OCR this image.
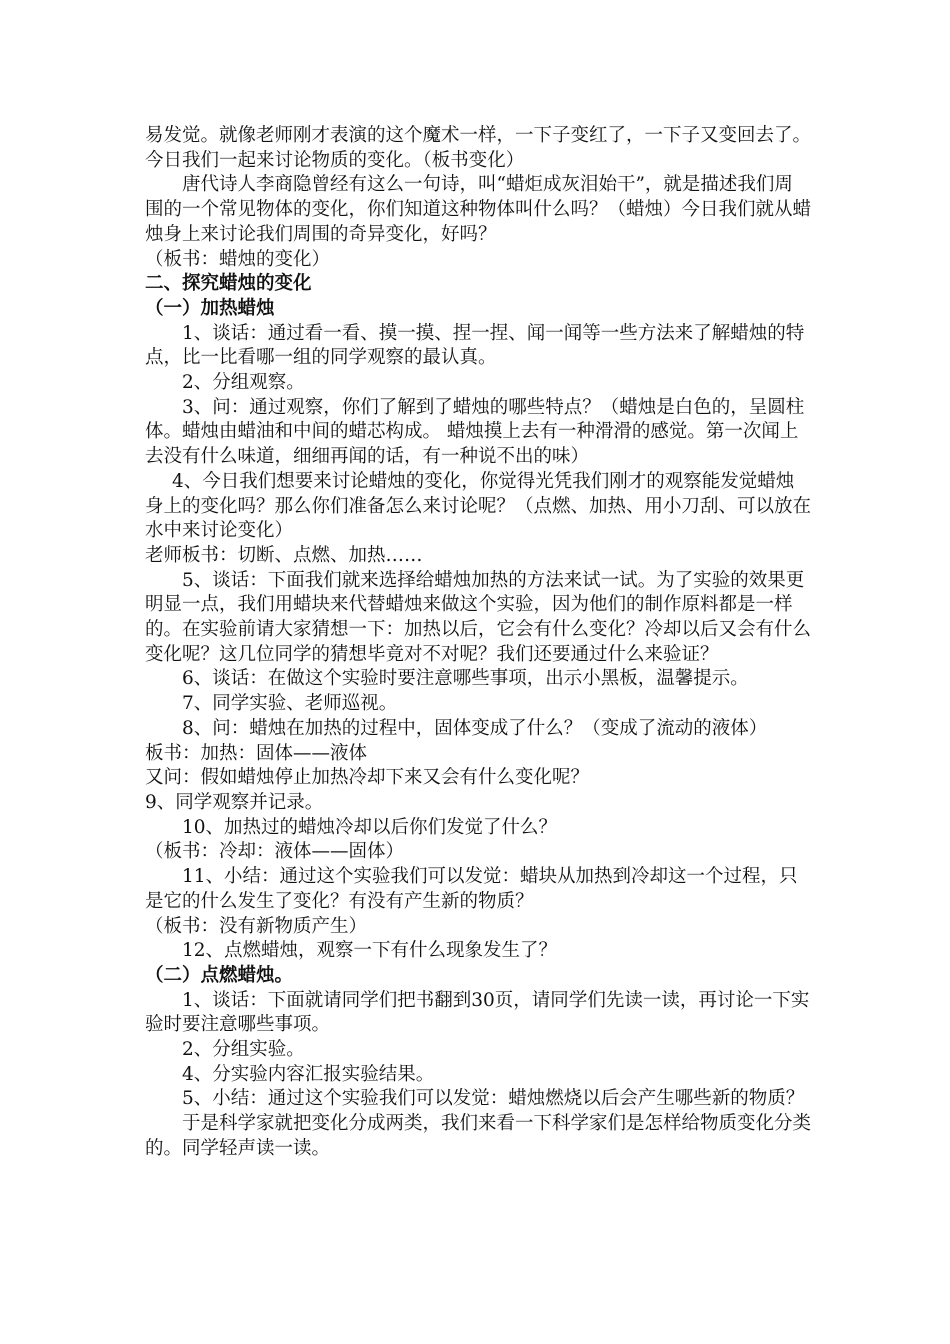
易发觉。就像老师刚才表演的这个魔术一样，一下子变红了，一下子又变回去了。今日我们一起来讨论物质的变化。（板书变化）

唐代诗人李商隐曾经有这么一句诗，叫“蜡炬成灰泪始干”，就是描述我们周围的一个常见物体的变化，你们知道这种物体叫什么吗？（蜡烛）今日我们就从蜡烛身上来讨论我们周围的奇异变化，好吗？

（板书：蜡烛的变化）

二、探究蜡烛的变化

（一）加热蜡烛

1、谈话：通过看一看、摸一摸、捏一捏、闻一闻等一些方法来了解蜡烛的特点，比一比看哪一组的同学观察的最认真。

2、分组观察。

3、问：通过观察，你们了解到了蜡烛的哪些特点？（蜡烛是白色的，呈圆柱体。蜡烛由蜡油和中间的蜡芯构成。 蜡烛摸上去有一种滑滑的感觉。第一次闻上去没有什么味道，细细再闻的话，有一种说不出的味）

4、今日我们想要来讨论蜡烛的变化，你觉得光凭我们刚才的观察能发觉蜡烛身上的变化吗？那么你们准备怎么来讨论呢？（点燃、加热、用小刀刮、可以放在水中来讨论变化）

老师板书：切断、点燃、加热……

5、谈话：下面我们就来选择给蜡烛加热的方法来试一试。为了实验的效果更明显一点，我们用蜡块来代替蜡烛来做这个实验，因为他们的制作原料都是一样的。在实验前请大家猜想一下：加热以后，它会有什么变化？冷却以后又会有什么变化呢？这几位同学的猜想毕竟对不对呢？我们还要通过什么来验证？

6、谈话：在做这个实验时要注意哪些事项，出示小黑板，温馨提示。

7、同学实验、老师巡视。

8、问：蜡烛在加热的过程中，固体变成了什么？（变成了流动的液体）

板书：加热：固体——液体

又问：假如蜡烛停止加热冷却下来又会有什么变化呢？

9、同学观察并记录。

10、加热过的蜡烛冷却以后你们发觉了什么？

（板书：冷却：液体——固体）

11、小结：通过这个实验我们可以发觉：蜡块从加热到冷却这一个过程，只是它的什么发生了变化？有没有产生新的物质？

（板书：没有新物质产生）

12、点燃蜡烛，观察一下有什么现象发生了？

（二）点燃蜡烛。

1、谈话：下面就请同学们把书翻到30页，请同学们先读一读，再讨论一下实验时要注意哪些事项。

2、分组实验。

4、分实验内容汇报实验结果。

5、小结：通过这个实验我们可以发觉：蜡烛燃烧以后会产生哪些新的物质？

于是科学家就把变化分成两类，我们来看一下科学家们是怎样给物质变化分类的。同学轻声读一读。
